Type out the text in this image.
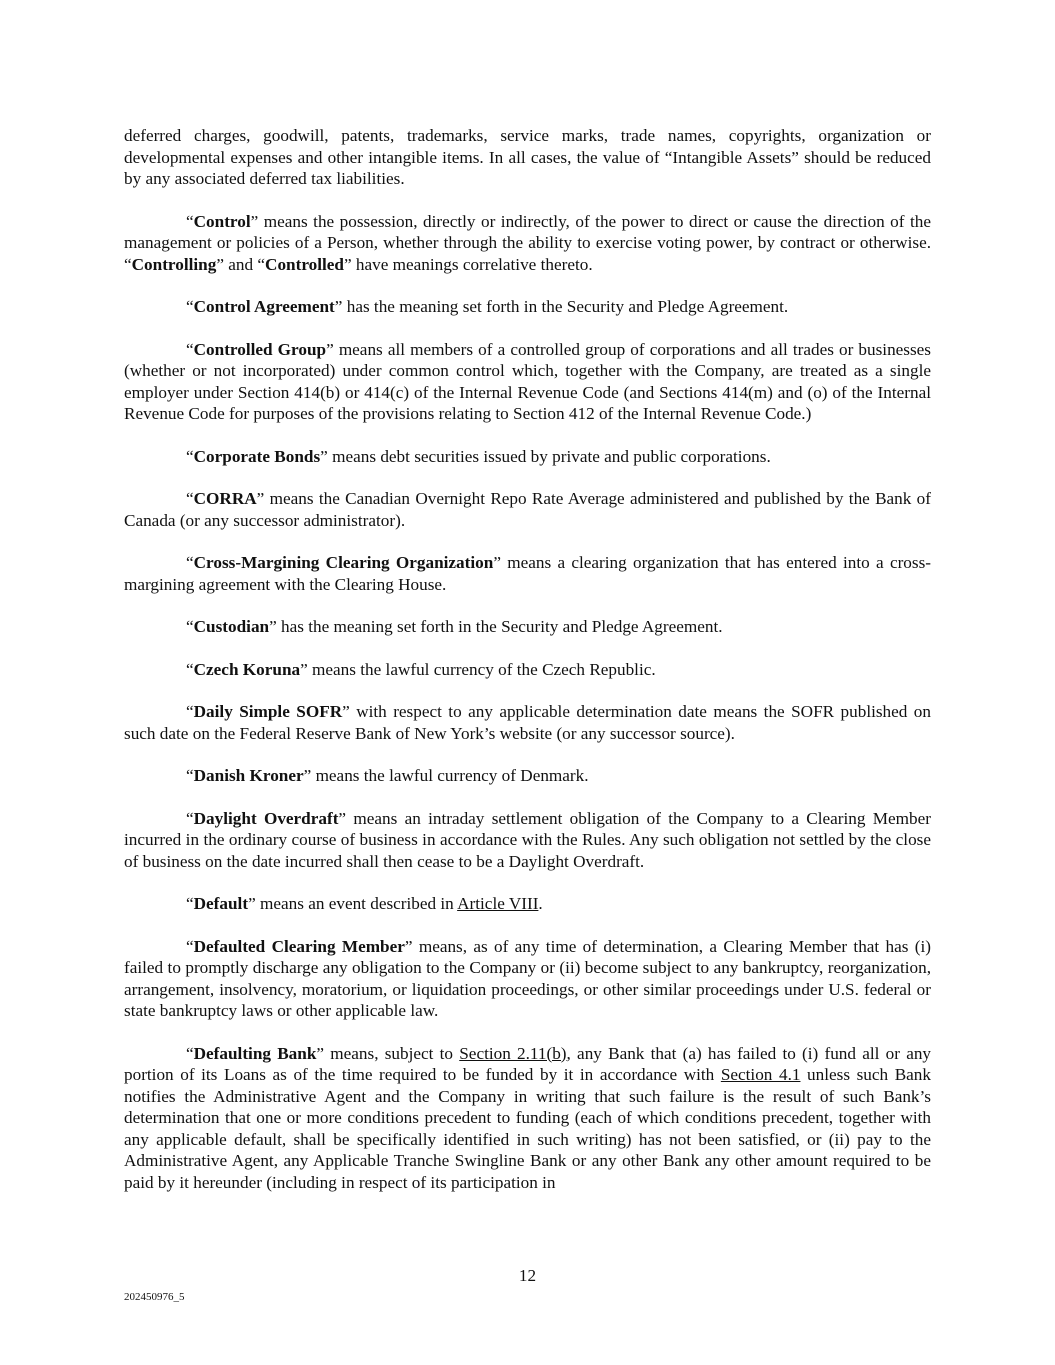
deferred charges, goodwill, patents, trademarks, service marks, trade names, copyrights, organization or developmental expenses and other intangible items. In all cases, the value of “Intangible Assets” should be reduced by any associated deferred tax liabilities.

“Control” means the possession, directly or indirectly, of the power to direct or cause the direction of the management or policies of a Person, whether through the ability to exercise voting power, by contract or otherwise. “Controlling” and “Controlled” have meanings correlative thereto.

“Control Agreement” has the meaning set forth in the Security and Pledge Agreement.

“Controlled Group” means all members of a controlled group of corporations and all trades or businesses (whether or not incorporated) under common control which, together with the Company, are treated as a single employer under Section 414(b) or 414(c) of the Internal Revenue Code (and Sections 414(m) and (o) of the Internal Revenue Code for purposes of the provisions relating to Section 412 of the Internal Revenue Code.)

“Corporate Bonds” means debt securities issued by private and public corporations.

“CORRA” means the Canadian Overnight Repo Rate Average administered and published by the Bank of Canada (or any successor administrator).

“Cross-Margining Clearing Organization” means a clearing organization that has entered into a cross-margining agreement with the Clearing House.

“Custodian” has the meaning set forth in the Security and Pledge Agreement.

“Czech Koruna” means the lawful currency of the Czech Republic.

“Daily Simple SOFR” with respect to any applicable determination date means the SOFR published on such date on the Federal Reserve Bank of New York’s website (or any successor source).

“Danish Kroner” means the lawful currency of Denmark.

“Daylight Overdraft” means an intraday settlement obligation of the Company to a Clearing Member incurred in the ordinary course of business in accordance with the Rules. Any such obligation not settled by the close of business on the date incurred shall then cease to be a Daylight Overdraft.

“Default” means an event described in Article VIII.

“Defaulted Clearing Member” means, as of any time of determination, a Clearing Member that has (i) failed to promptly discharge any obligation to the Company or (ii) become subject to any bankruptcy, reorganization, arrangement, insolvency, moratorium, or liquidation proceedings, or other similar proceedings under U.S. federal or state bankruptcy laws or other applicable law.

“Defaulting Bank” means, subject to Section 2.11(b), any Bank that (a) has failed to (i) fund all or any portion of its Loans as of the time required to be funded by it in accordance with Section 4.1 unless such Bank notifies the Administrative Agent and the Company in writing that such failure is the result of such Bank’s determination that one or more conditions precedent to funding (each of which conditions precedent, together with any applicable default, shall be specifically identified in such writing) has not been satisfied, or (ii) pay to the Administrative Agent, any Applicable Tranche Swingline Bank or any other Bank any other amount required to be paid by it hereunder (including in respect of its participation in

12
202450976_5
